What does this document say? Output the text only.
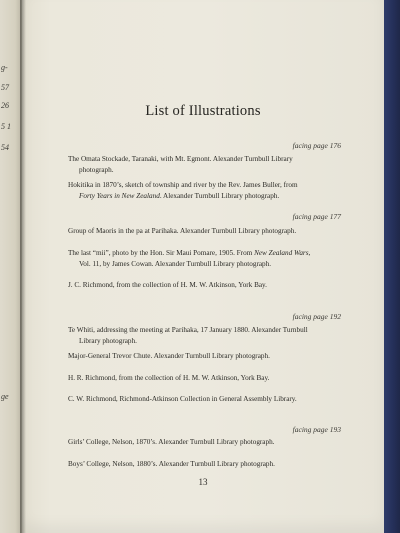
g-
57
26
5 1
54
ge
List of Illustrations
facing page 176
The Omata Stockade, Taranaki, with Mt. Egmont. Alexander Turnbull Library
photograph.
Hokitika in 1870’s, sketch of township and river by the Rev. James Buller, from
Forty Years in New Zealand. Alexander Turnbull Library photograph.
facing page 177
Group of Maoris in the pa at Parihaka. Alexander Turnbull Library photograph.
The last “mii”, photo by the Hon. Sir Maui Pomare, 1905. From New Zealand Wars,
Vol. 11, by James Cowan. Alexander Turnbull Library photograph.
J. C. Richmond, from the collection of H. M. W. Atkinson, York Bay.
facing page 192
Te Whiti, addressing the meeting at Parihaka, 17 January 1880. Alexander Turnbull
Library photograph.
Major-General Trevor Chute. Alexander Turnbull Library photograph.
H. R. Richmond, from the collection of H. M. W. Atkinson, York Bay.
C. W. Richmond, Richmond-Atkinson Collection in General Assembly Library.
facing page 193
Girls’ College, Nelson, 1870’s. Alexander Turnbull Library photograph.
Boys’ College, Nelson, 1880’s. Alexander Turnbull Library photograph.
13
